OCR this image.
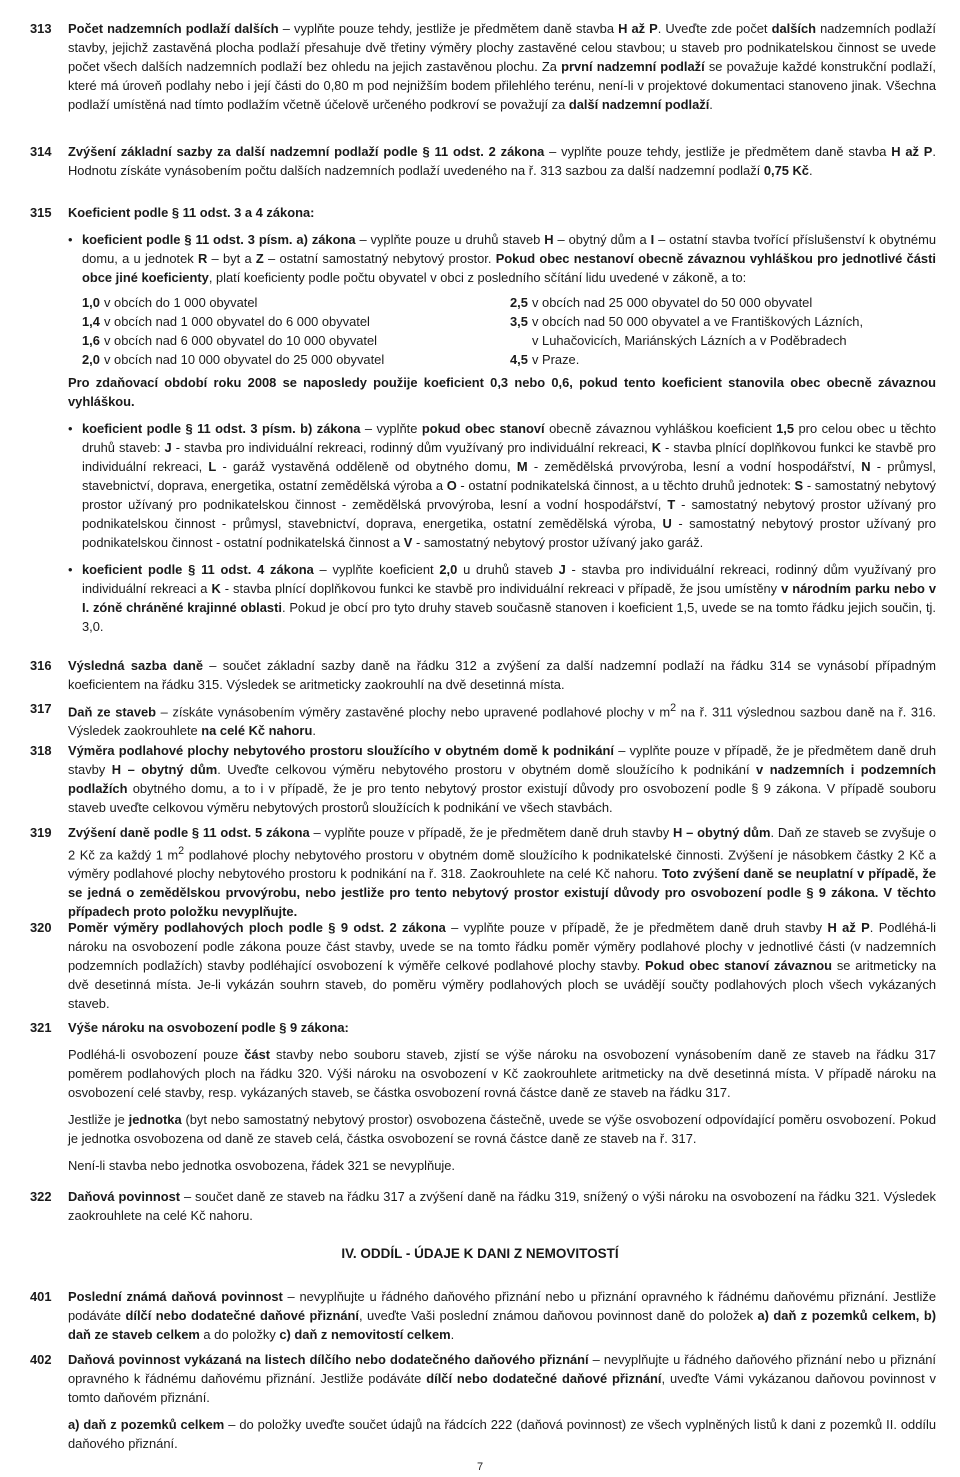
313 Počet nadzemních podlaží dalších – vyplňte pouze tehdy, jestliže je předmětem daně stavba H až P. Uveďte zde počet dalších nadzemních podlaží stavby, jejichž zastavěná plocha podlaží přesahuje dvě třetiny výměry plochy zastavěné celou stavbou; u staveb pro podnikatelskou činnost se uvede počet všech dalších nadzemních podlaží bez ohledu na jejich zastavěnou plochu. Za první nadzemní podlaží se považuje každé konstrukční podlaží, které má úroveň podlahy nebo i její části do 0,80 m pod nejnižším bodem přilehlého terénu, není-li v projektové dokumentaci stanoveno jinak. Všechna podlaží umístěná nad tímto podlažím včetně účelově určeného podkroví se považují za další nadzemní podlaží.

314 Zvýšení základní sazby za další nadzemní podlaží podle § 11 odst. 2 zákona – vyplňte pouze tehdy, jestliže je předmětem daně stavba H až P. Hodnotu získáte vynásobením počtu dalších nadzemních podlaží uvedeného na ř. 313 sazbou za další nadzemní podlaží 0,75 Kč.

315 Koeficient podle § 11 odst. 3 a 4 zákona:

• koeficient podle § 11 odst. 3 písm. a) zákona – vyplňte pouze u druhů staveb H – obytný dům a I – ostatní stavba tvořící příslušenství k obytnému domu, a u jednotek R – byt a Z – ostatní samostatný nebytový prostor. Pokud obec nestanoví obecně závaznou vyhláškou pro jednotlivé části obce jiné koeficienty, platí koeficienty podle počtu obyvatel v obci z posledního sčítání lidu uvedené v zákoně, a to:
1,0 v obcích do 1 000 obyvatel
1,4 v obcích nad 1 000 obyvatel do 6 000 obyvatel
1,6 v obcích nad 6 000 obyvatel do 10 000 obyvatel
2,0 v obcích nad 10 000 obyvatel do 25 000 obyvatel
2,5 v obcích nad 25 000 obyvatel do 50 000 obyvatel
3,5 v obcích nad 50 000 obyvatel a ve Františkových Lázních,
v Luhačovicích, Mariánských Lázních a v Poděbradech
4,5 v Praze.

Pro zdaňovací období roku 2008 se naposledy použije koeficient 0,3 nebo 0,6, pokud tento koeficient stanovila obec obecně závaznou vyhláškou.

• koeficient podle § 11 odst. 3 písm. b) zákona – vyplňte pokud obec stanoví obecně závaznou vyhláškou koeficient 1,5 pro celou obec u těchto druhů staveb: J - stavba pro individuální rekreaci, rodinný dům využívaný pro individuální rekreaci, K - stavba plnící doplňkovou funkci ke stavbě pro individuální rekreaci, L - garáž vystavěná odděleně od obytného domu, M - zemědělská prvovýroba, lesní a vodní hospodářství, N - průmysl, stavebnictví, doprava, energetika, ostatní zemědělská výroba a O - ostatní podnikatelská činnost, a u těchto druhů jednotek: S - samostatný nebytový prostor užívaný pro podnikatelskou činnost - zemědělská prvovýroba, lesní a vodní hospodářství, T - samostatný nebytový prostor užívaný pro podnikatelskou činnost - průmysl, stavebnictví, doprava, energetika, ostatní zemědělská výroba, U - samostatný nebytový prostor užívaný pro podnikatelskou činnost - ostatní podnikatelská činnost a V - samostatný nebytový prostor užívaný jako garáž.
• koeficient podle § 11 odst. 4 zákona – vyplňte koeficient 2,0 u druhů staveb J - stavba pro individuální rekreaci, rodinný dům využívaný pro individuální rekreaci a K - stavba plnící doplňkovou funkci ke stavbě pro individuální rekreaci v případě, že jsou umístěny v národním parku nebo v I. zóně chráněné krajinné oblasti. Pokud je obcí pro tyto druhy staveb současně stanoven i koeficient 1,5, uvede se na tomto řádku jejich součin, tj. 3,0.
316 Výsledná sazba daně – součet základní sazby daně na řádku 312 a zvýšení za další nadzemní podlaží na řádku 314 se vynásobí případným koeficientem na řádku 315. Výsledek se aritmeticky zaokrouhlí na dvě desetinná místa.

317 Daň ze staveb – získáte vynásobením výměry zastavěné plochy nebo upravené podlahové plochy v $m^2$ na ř. 311 výslednou sazbou daně na ř. 316. Výsledek zaokrouhlete na celé Kč nahoru.

318 Výměra podlahové plochy nebytového prostoru sloužícího v obytném domě k podnikání – vyplňte pouze v případě, že je předmětem daně druh stavby H – obytný dům. Uveďte celkovou výměru nebytového prostoru v obytném domě sloužícího k podnikání v nadzemních i podzemních podlažích obytného domu, a to i v případě, že je pro tento nebytový prostor existují důvody pro osvobození podle § 9 zákona. V případě souboru staveb uveďte celkovou výměru nebytových prostorů sloužících k podnikání ve všech stavbách.

319 Zvýšení daně podle § 11 odst. 5 zákona – vyplňte pouze v případě, že je předmětem daně druh stavby H – obytný dům. Daň ze staveb se zvyšuje o 2 Kč za každý 1 $m^2$ podlahové plochy nebytového prostoru v obytném domě sloužícího k podnikatelské činnosti. Zvýšení je násobkem částky 2 Kč a výměry podlahové plochy nebytového prostoru k podnikání na ř. 318. Zaokrouhlete na celé Kč nahoru. Toto zvýšení daně se neuplatní v případě, že se jedná o zemědělskou prvovýrobu, nebo jestliže pro tento nebytový prostor existují důvody pro osvobození podle § 9 zákona. V těchto případech proto položku nevyplňujte.

320 Poměr výměry podlahových ploch podle § 9 odst. 2 zákona – vyplňte pouze v případě, že je předmětem daně druh stavby H až P. Podléhá-li nároku na osvobození podle zákona pouze část stavby, uvede se na tomto řádku poměr výměry podlahové plochy v jednotlivé části (v nadzemních podzemních podlažích) stavby podléhající osvobození k výměře celkové podlahové plochy stavby. Pokud obec stanoví závaznou se aritmeticky na dvě desetinná místa. Je-li vykázán souhrn staveb, do poměru výměry podlahových ploch se uvádějí součty podlahových ploch všech vykázaných staveb.

321 Výše nároku na osvobození podle § 9 zákona:

Podléhá-li osvobození pouze část stavby nebo souboru staveb, zjistí se výše nároku na osvobození vynásobením daně ze staveb na řádku 317 poměrem podlahových ploch na řádku 320. Výši nároku na osvobození v Kč zaokrouhlete aritmeticky na dvě desetinná místa. V případě nároku na osvobození celé stavby, resp. vykázaných staveb, se částka osvobození rovná částce daně ze staveb na řádku 317.

Jestliže je jednotka (byt nebo samostatný nebytový prostor) osvobozena částečně, uvede se výše osvobození odpovídající poměru osvobození. Pokud je jednotka osvobozena od daně ze staveb celá, částka osvobození se rovná částce daně ze staveb na ř. 317.

Není-li stavba nebo jednotka osvobozena, řádek 321 se nevyplňuje.

322 Daňová povinnost – součet daně ze staveb na řádku 317 a zvýšení daně na řádku 319, snížený o výši nároku na osvobození na řádku 321. Výsledek zaokrouhlete na celé Kč nahoru.

IV. ODDÍL - ÚDAJE K DANI Z NEMOVITOSTÍ
401 Poslední známá daňová povinnost – nevyplňujte u řádného daňového přiznání nebo u přiznání opravného k řádnému daňovému přiznání. Jestliže podáváte dílčí nebo dodatečné daňové přiznání, uveďte Vaši poslední známou daňovou povinnost daně do položek a) daň z pozemků celkem, b) daň ze staveb celkem a do položky c) daň z nemovitostí celkem.

402 Daňová povinnost vykázaná na listech dílčího nebo dodatečného daňového přiznání – nevyplňujte u řádného daňového přiznání nebo u přiznání opravného k řádnému daňovému přiznání. Jestliže podáváte dílčí nebo dodatečné daňové přiznání, uveďte Vámi vykázanou daňovou povinnost v tomto daňovém přiznání.

a) daň z pozemků celkem – do položky uveďte součet údajů na řádcích 222 (daňová povinnost) ze všech vyplněných listů k dani z pozemků II. oddílu daňového přiznání.

7
